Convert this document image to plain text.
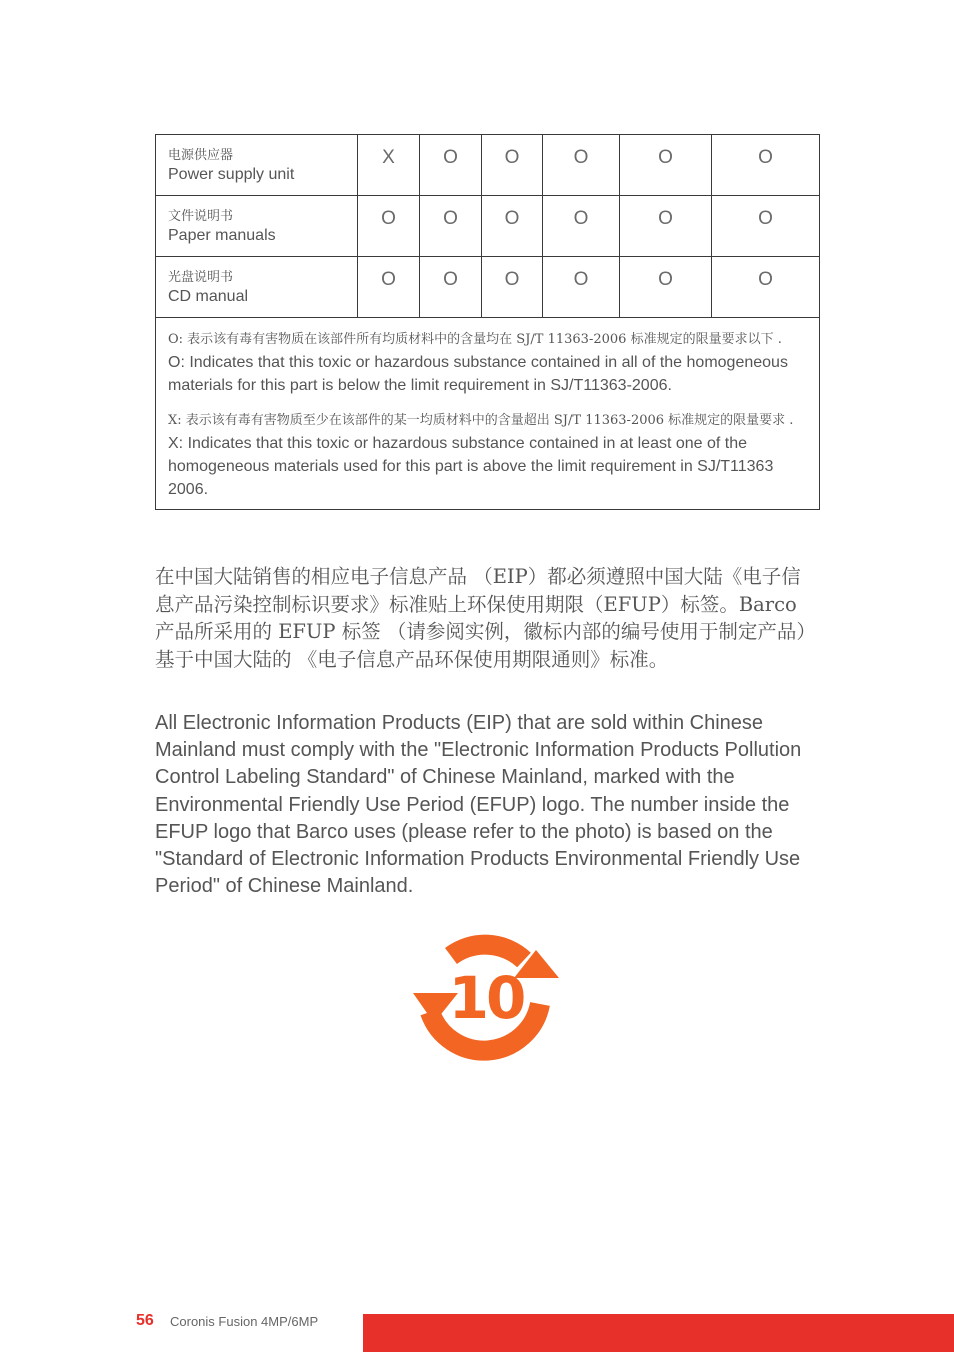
电源供应器
Power supply unit	X	O	O	O	O	O

文件说明书
Paper manuals	O	O	O	O	O	O

光盘说明书
CD manual	O	O	O	O	O	O

O: 表示该有毒有害物质在该部件所有均质材料中的含量均在 SJ/T 11363-2006 标准规定的限量要求以下 .
O: Indicates that this toxic or hazardous substance contained in all of the homogeneous materials for this part is below the limit requirement in SJ/T11363-2006.
X: 表示该有毒有害物质至少在该部件的某一均质材料中的含量超出 SJ/T 11363-2006 标准规定的限量要求 .
X: Indicates that this toxic or hazardous substance contained in at least one of the homogeneous materials used for this part is above the limit requirement in SJ/T11363 2006.						
在中国大陆销售的相应电子信息产品 （EIP）都必须遵照中国大陆《电子信息产品污染控制标识要求》标准贴上环保使用期限（EFUP）标签。Barco 产品所采用的 EFUP 标签 （请参阅实例，徽标内部的编号使用于制定产品）基于中国大陆的 《电子信息产品环保使用期限通则》标准。
All Electronic Information Products (EIP) that are sold within Chinese Mainland must comply with the "Electronic Information Products Pollution Control Labeling Standard" of Chinese Mainland, marked with the Environmental Friendly Use Period (EFUP) logo. The number inside the EFUP logo that Barco uses (please refer to the photo) is based on the "Standard of Electronic Information Products Environmental Friendly Use Period" of Chinese Mainland.
10
56 Coronis Fusion 4MP/6MP
